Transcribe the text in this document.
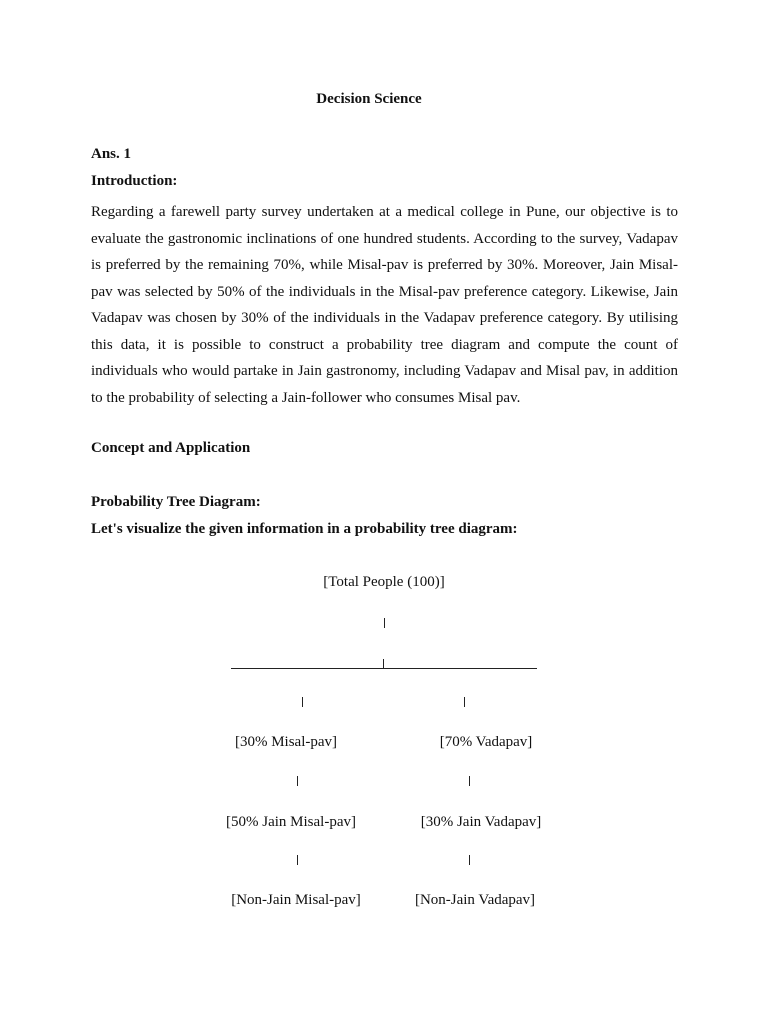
Decision Science

Ans. 1

Introduction:

Regarding a farewell party survey undertaken at a medical college in Pune, our objective is to evaluate the gastronomic inclinations of one hundred students. According to the survey, Vadapav is preferred by the remaining 70%, while Misal-pav is preferred by 30%. Moreover, Jain Misal-pav was selected by 50% of the individuals in the Misal-pav preference category. Likewise, Jain Vadapav was chosen by 30% of the individuals in the Vadapav preference category. By utilising this data, it is possible to construct a probability tree diagram and compute the count of individuals who would partake in Jain gastronomy, including Vadapav and Misal pav, in addition to the probability of selecting a Jain-follower who consumes Misal pav.

Concept and Application

Probability Tree Diagram:

Let's visualize the given information in a probability tree diagram:

[Total People (100)]

[30% Misal-pav]	[70% Vadapav]

[50% Jain Misal-pav]	[30% Jain Vadapav]

[Non-Jain Misal-pav]	[Non-Jain Vadapav]
